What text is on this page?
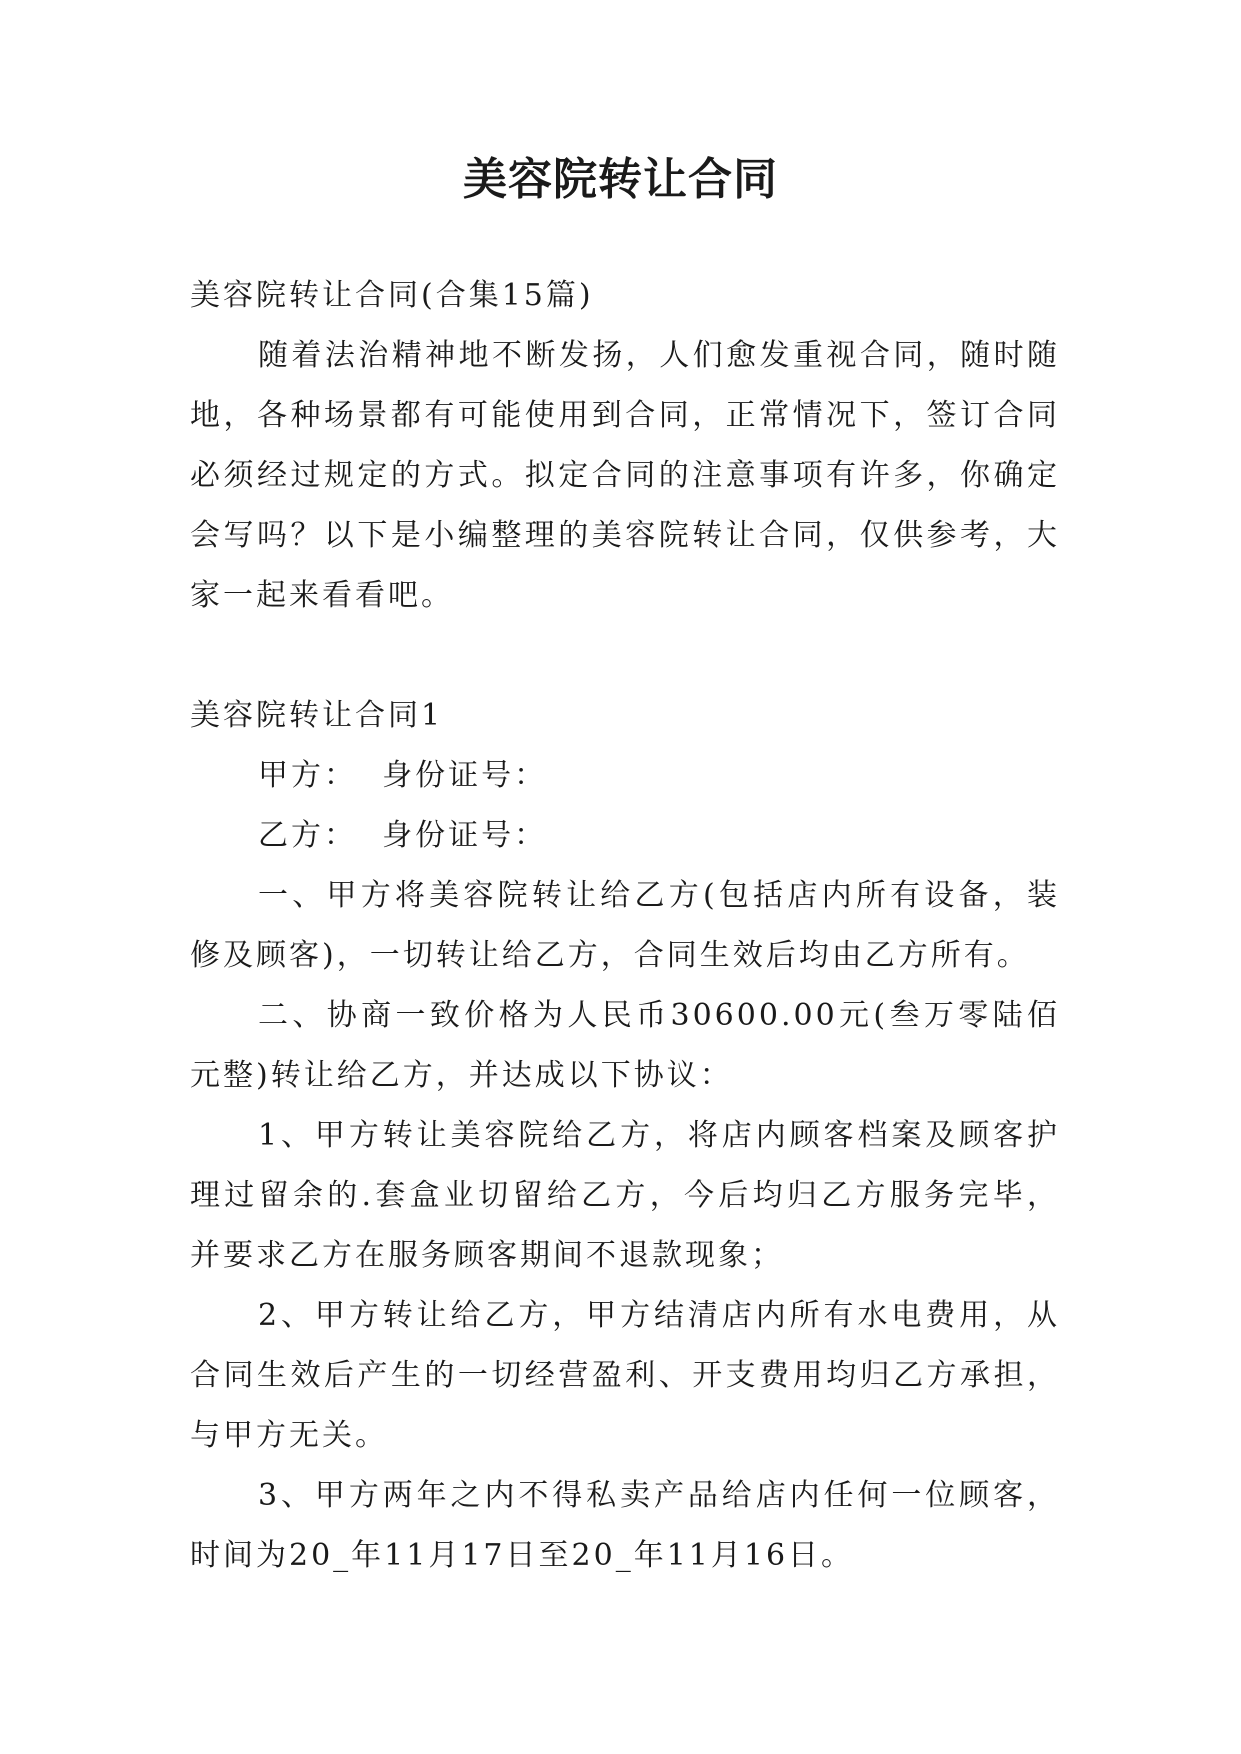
美容院转让合同

美容院转让合同(合集15篇)

随着法治精神地不断发扬，人们愈发重视合同，随时随地，各种场景都有可能使用到合同，正常情况下，签订合同必须经过规定的方式。拟定合同的注意事项有许多，你确定会写吗？以下是小编整理的美容院转让合同，仅供参考，大家一起来看看吧。

美容院转让合同1

甲方：  身份证号：

乙方：  身份证号：

一、甲方将美容院转让给乙方(包括店内所有设备，装修及顾客)，一切转让给乙方，合同生效后均由乙方所有。

二、协商一致价格为人民币30600.00元(叁万零陆佰元整)转让给乙方，并达成以下协议：

1、甲方转让美容院给乙方，将店内顾客档案及顾客护理过留余的.套盒业切留给乙方，今后均归乙方服务完毕，并要求乙方在服务顾客期间不退款现象；

2、甲方转让给乙方，甲方结清店内所有水电费用，从合同生效后产生的一切经营盈利、开支费用均归乙方承担，与甲方无关。

3、甲方两年之内不得私卖产品给店内任何一位顾客，时间为20_年11月17日至20_年11月16日。
